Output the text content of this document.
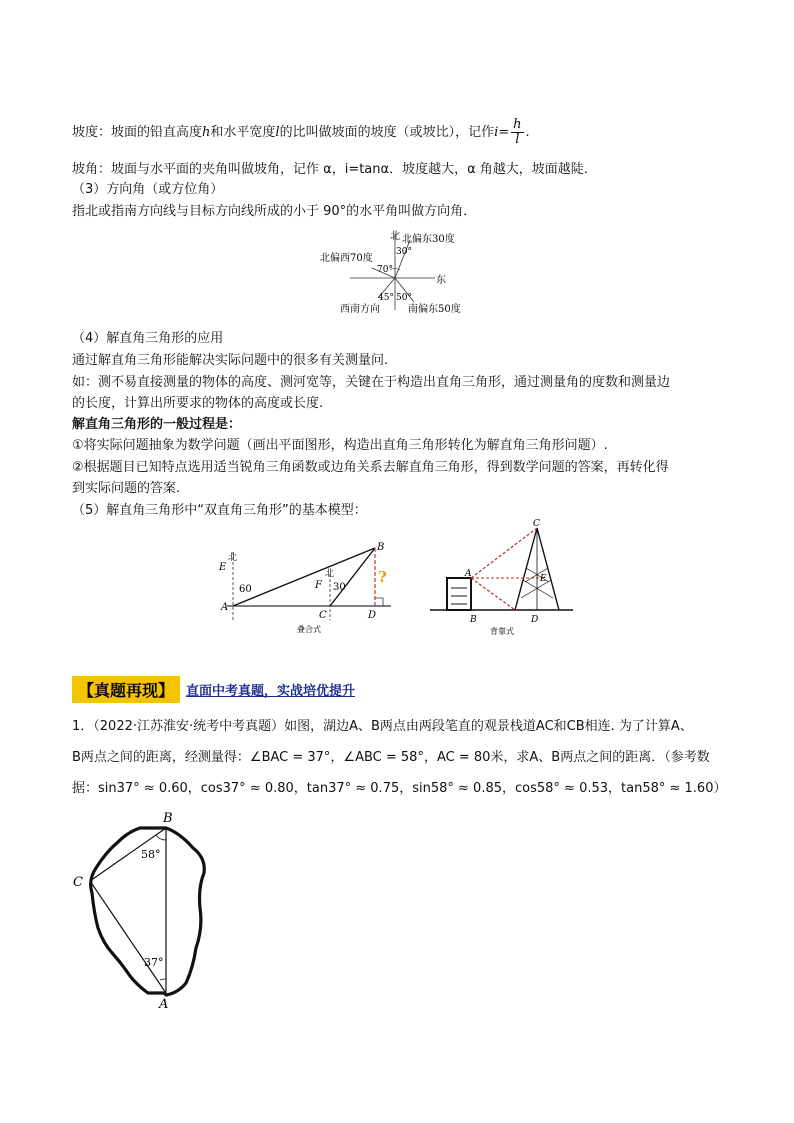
坡度：坡面的铅直高度h和水平宽度l的比叫做坡面的坡度（或坡比），记作$i= \frac{h}{l}$ .
坡角：坡面与水平面的夹角叫做坡角，记作 α，i=tanα．坡度越大，α 角越大，坡面越陡．
（3）方向角（或方位角）
指北或指南方向线与目标方向线所成的小于 90°的水平角叫做方向角．
北 北偏东30度
北偏西70度
东
30°
70°
45° 50°
西南方向	南偏东50度
（4）解直角三角形的应用
通过解直角三角形能解决实际问题中的很多有关测量问.
如：测不易直接测量的物体的高度、测河宽等，关键在于构造出直角三角形，通过测量角的度数和测量边
的长度，计算出所要求的物体的高度或长度.
解直角三角形的一般过程是：
①将实际问题抽象为数学问题（画出平面图形，构造出直角三角形转化为解直角三角形问题）.
②根据题目已知特点选用适当锐角三角函数或边角关系去解直角三角形，得到数学问题的答案，再转化得
到实际问题的答案.
（5）解直角三角形中“双直角三角形”的基本模型：
北
E
60
A
B
北
F 30
?
C	D
叠合式
C
A	E
B	D
背靠式
【真题再现】 直面中考真题，实战培优提升
1．（2022·江苏淮安·统考中考真题）如图，湖边A、B两点由两段笔直的观景栈道AC和CB相连. 为了计算A、
B两点之间的距离，经测量得：∠BAC = 37°，∠ABC = 58°，AC = 80米，求A、B两点之间的距离．（参考数
据：sin37° ≈ 0.60，cos37° ≈ 0.80，tan37° ≈ 0.75，sin58° ≈ 0.85，cos58° ≈ 0.53，tan58° ≈ 1.60）
B
58°
C
37°
A
